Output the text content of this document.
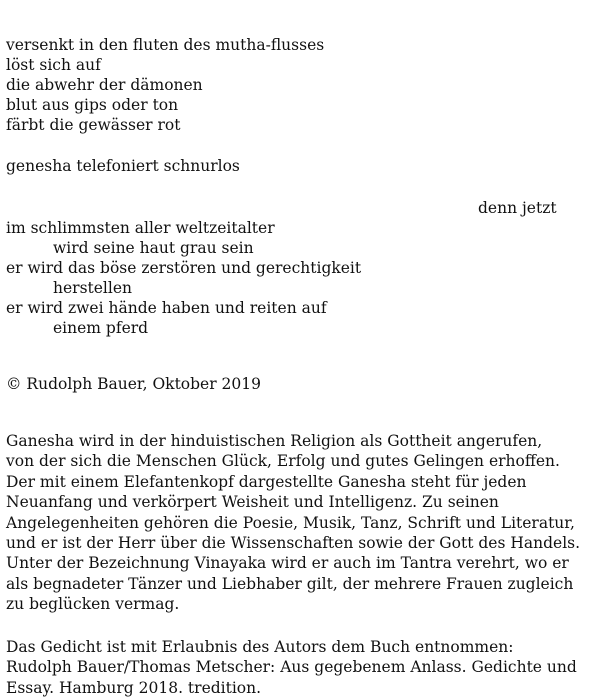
versenkt in den fluten des mutha-flusses
löst sich auf
die abwehr der dämonen
blut aus gips oder ton
färbt die gewässer rot
genesha telefoniert schnurlos
denn jetzt
im schlimmsten aller weltzeitalter
wird seine haut grau sein
er wird das böse zerstören und gerechtigkeit
herstellen
er wird zwei hände haben und reiten auf
einem pferd
© Rudolph Bauer, Oktober 2019
Ganesha wird in der hinduistischen Religion als Gottheit angerufen,
von der sich die Menschen Glück, Erfolg und gutes Gelingen erhoffen.
Der mit einem Elefantenkopf dargestellte Ganesha steht für jeden
Neuanfang und verkörpert Weisheit und Intelligenz. Zu seinen
Angelegenheiten gehören die Poesie, Musik, Tanz, Schrift und Literatur,
und er ist der Herr über die Wissenschaften sowie der Gott des Handels.
Unter der Bezeichnung Vinayaka wird er auch im Tantra verehrt, wo er
als begnadeter Tänzer und Liebhaber gilt, der mehrere Frauen zugleich
zu beglücken vermag.
Das Gedicht ist mit Erlaubnis des Autors dem Buch entnommen:
Rudolph Bauer/Thomas Metscher: Aus gegebenem Anlass. Gedichte und
Essay. Hamburg 2018. tredition.
